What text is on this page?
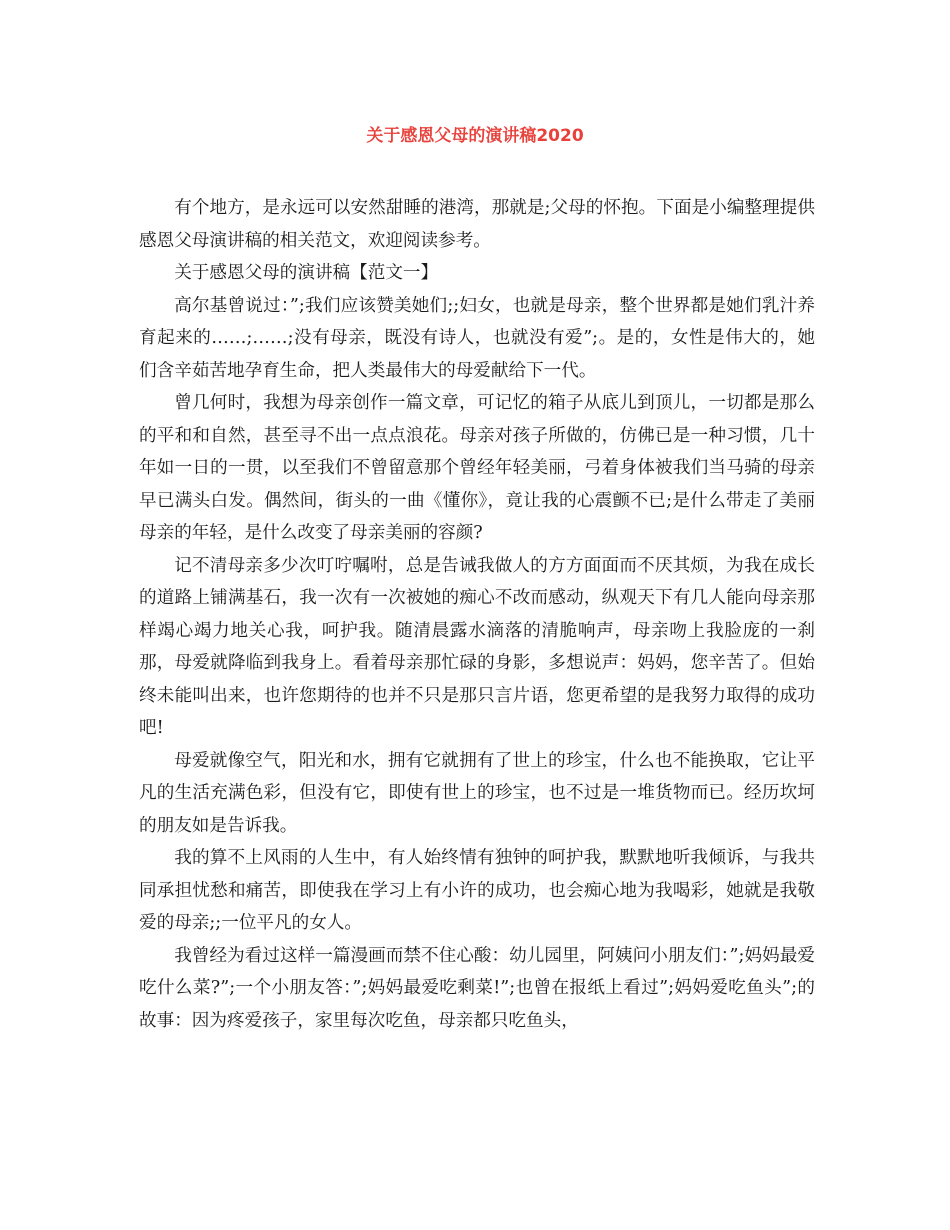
关于感恩父母的演讲稿2020

有个地方，是永远可以安然甜睡的港湾，那就是;父母的怀抱。下面是小编整理提供感恩父母演讲稿的相关范文，欢迎阅读参考。

关于感恩父母的演讲稿【范文一】

高尔基曾说过：”;我们应该赞美她们;;妇女，也就是母亲，整个世界都是她们乳汁养育起来的……;……;没有母亲，既没有诗人，也就没有爱”;。是的，女性是伟大的，她们含辛茹苦地孕育生命，把人类最伟大的母爱献给下一代。

曾几何时，我想为母亲创作一篇文章，可记忆的箱子从底儿到顶儿，一切都是那么的平和和自然，甚至寻不出一点点浪花。母亲对孩子所做的，仿佛已是一种习惯，几十年如一日的一贯，以至我们不曾留意那个曾经年轻美丽，弓着身体被我们当马骑的母亲早已满头白发。偶然间，街头的一曲《懂你》，竟让我的心震颤不已;是什么带走了美丽母亲的年轻，是什么改变了母亲美丽的容颜?

记不清母亲多少次叮咛嘱咐，总是告诫我做人的方方面面而不厌其烦，为我在成长的道路上铺满基石，我一次有一次被她的痴心不改而感动，纵观天下有几人能向母亲那样竭心竭力地关心我，呵护我。随清晨露水滴落的清脆响声，母亲吻上我脸庞的一刹那，母爱就降临到我身上。看着母亲那忙碌的身影，多想说声：妈妈，您辛苦了。但始终未能叫出来，也许您期待的也并不只是那只言片语，您更希望的是我努力取得的成功吧!

母爱就像空气，阳光和水，拥有它就拥有了世上的珍宝，什么也不能换取，它让平凡的生活充满色彩，但没有它，即使有世上的珍宝，也不过是一堆货物而已。经历坎坷的朋友如是告诉我。

我的算不上风雨的人生中，有人始终情有独钟的呵护我，默默地听我倾诉，与我共同承担忧愁和痛苦，即使我在学习上有小许的成功，也会痴心地为我喝彩，她就是我敬爱的母亲;;一位平凡的女人。

我曾经为看过这样一篇漫画而禁不住心酸：幼儿园里，阿姨问小朋友们：”;妈妈最爱吃什么菜?”;一个小朋友答：”;妈妈最爱吃剩菜!”;也曾在报纸上看过”;妈妈爱吃鱼头”;的故事：因为疼爱孩子，家里每次吃鱼，母亲都只吃鱼头，
